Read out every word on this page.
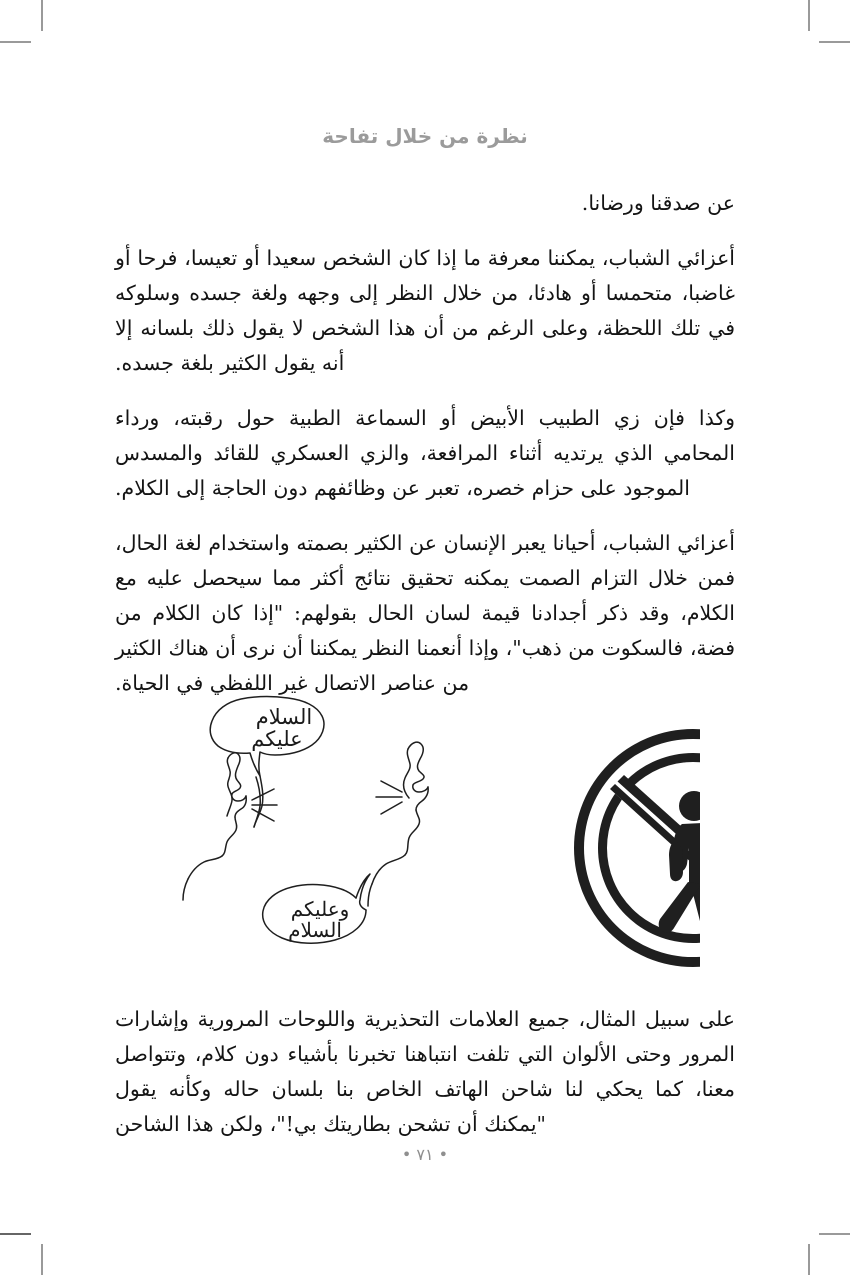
نظرة من خلال تفاحة

عن صدقنا ورضانا.

أعزائي الشباب، يمكننا معرفة ما إذا كان الشخص سعيدا أو تعيسا، فرحا أو غاضبا، متحمسا أو هادئا، من خلال النظر إلى وجهه ولغة جسده وسلوكه في تلك اللحظة، وعلى الرغم من أن هذا الشخص لا يقول ذلك بلسانه إلا أنه يقول الكثير بلغة جسده.

وكذا فإن زي الطبيب الأبيض أو السماعة الطبية حول رقبته، ورداء المحامي الذي يرتديه أثناء المرافعة، والزي العسكري للقائد والمسدس الموجود على حزام خصره، تعبر عن وظائفهم دون الحاجة إلى الكلام.

أعزائي الشباب، أحيانا يعبر الإنسان عن الكثير بصمته واستخدام لغة الحال، فمن خلال التزام الصمت يمكنه تحقيق نتائج أكثر مما سيحصل عليه مع الكلام، وقد ذكر أجدادنا قيمة لسان الحال بقولهم: "إذا كان الكلام من فضة، فالسكوت من ذهب"، وإذا أنعمنا النظر يمكننا أن نرى أن هناك الكثير من عناصر الاتصال غير اللفظي في الحياة.

السلام
عليكم
وعليكم
السلام

على سبيل المثال، جميع العلامات التحذيرية واللوحات المرورية وإشارات المرور وحتى الألوان التي تلفت انتباهنا تخبرنا بأشياء دون كلام، وتتواصل معنا، كما يحكي لنا شاحن الهاتف الخاص بنا بلسان حاله وكأنه يقول "يمكنك أن تشحن بطاريتك بي!"، ولكن هذا الشاحن

• ٧١ •
